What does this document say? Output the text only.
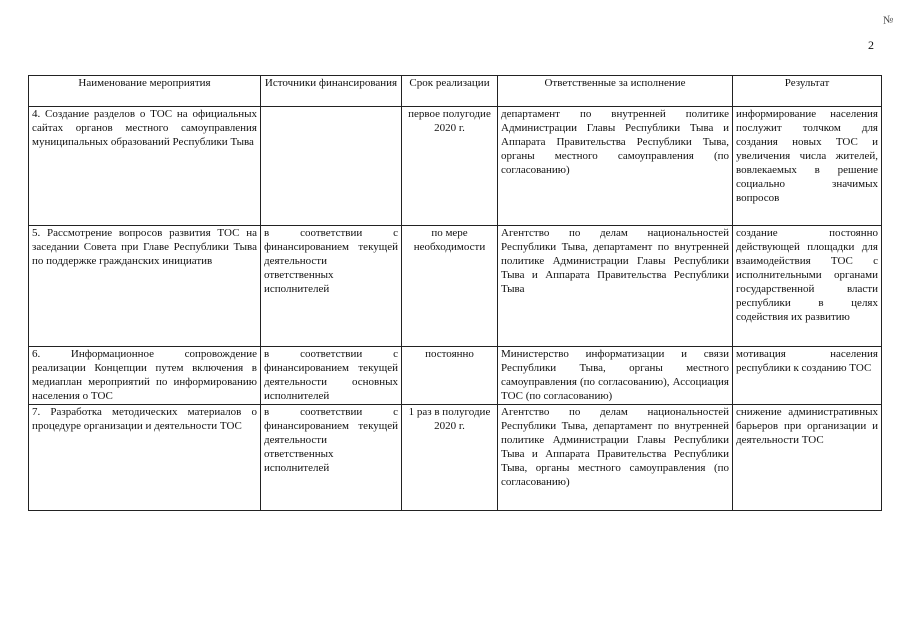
№
2
Наименование мероприятия	Источники финансирования	Срок реализации	Ответственные за исполнение	Результат
4. Создание разделов о ТОС на официальных сайтах органов местного самоуправления муниципальных образований Республики Тыва		первое полугодие 2020 г.	департамент по внутренней политике Администрации Главы Республики Тыва и Аппарата Правительства Республики Тыва, органы местного самоуправления (по согласованию)	информирование населения послужит толчком для создания новых ТОС и увеличения числа жителей, вовлекаемых в решение социально значимых вопросов
5. Рассмотрение вопросов развития ТОС на заседании Совета при Главе Республики Тыва по поддержке гражданских инициатив	в соответствии с финансированием текущей деятельности ответственных исполнителей	по мере необходимости	Агентство по делам национальностей Республики Тыва, департамент по внутренней политике Администрации Главы Республики Тыва и Аппарата Правительства Республики Тыва	создание постоянно действующей площадки для взаимодействия ТОС с исполнительными органами государственной власти республики в целях содействия их развитию
6. Информационное сопровождение реализации Концепции путем включения в медиаплан мероприятий по информированию населения о ТОС	в соответствии с финансированием текущей деятельности основных исполнителей	постоянно	Министерство информатизации и связи Республики Тыва, органы местного самоуправления (по согласованию), Ассоциация ТОС (по согласованию)	мотивация населения республики к созданию ТОС
7. Разработка методических материалов о процедуре организации и деятельности ТОС	в соответствии с финансированием текущей деятельности ответственных исполнителей	1 раз в полугодие 2020 г.	Агентство по делам национальностей Республики Тыва, департамент по внутренней политике Администрации Главы Республики Тыва и Аппарата Правительства Республики Тыва, органы местного самоуправления (по согласованию)	снижение административных барьеров при организации и деятельности ТОС
